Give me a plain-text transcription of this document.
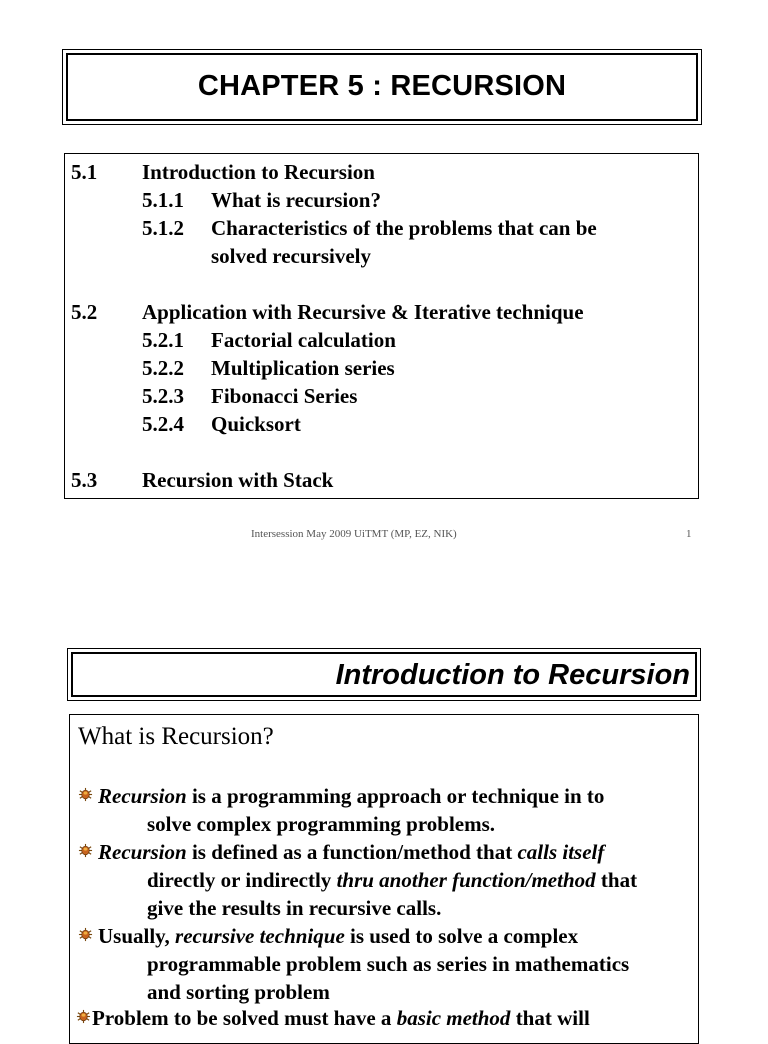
CHAPTER 5 : RECURSION
5.1 Introduction to Recursion
5.1.1 What is recursion?
5.1.2 Characteristics of the problems that can be
solved recursively
5.2 Application with Recursive & Iterative technique
5.2.1 Factorial calculation
5.2.2 Multiplication series
5.2.3 Fibonacci Series
5.2.4 Quicksort
5.3 Recursion with Stack
Intersession May 2009 UiTMT (MP, EZ, NIK)	1
Introduction to Recursion
What is Recursion?
Recursion is a programming approach or technique in to
solve complex programming problems.
Recursion is defined as a function/method that calls itself
directly or indirectly thru another function/method that
give the results in recursive calls.
Usually, recursive technique is used to solve a complex
programmable problem such as series in mathematics
and sorting problem
Problem to be solved must have a basic method that will
